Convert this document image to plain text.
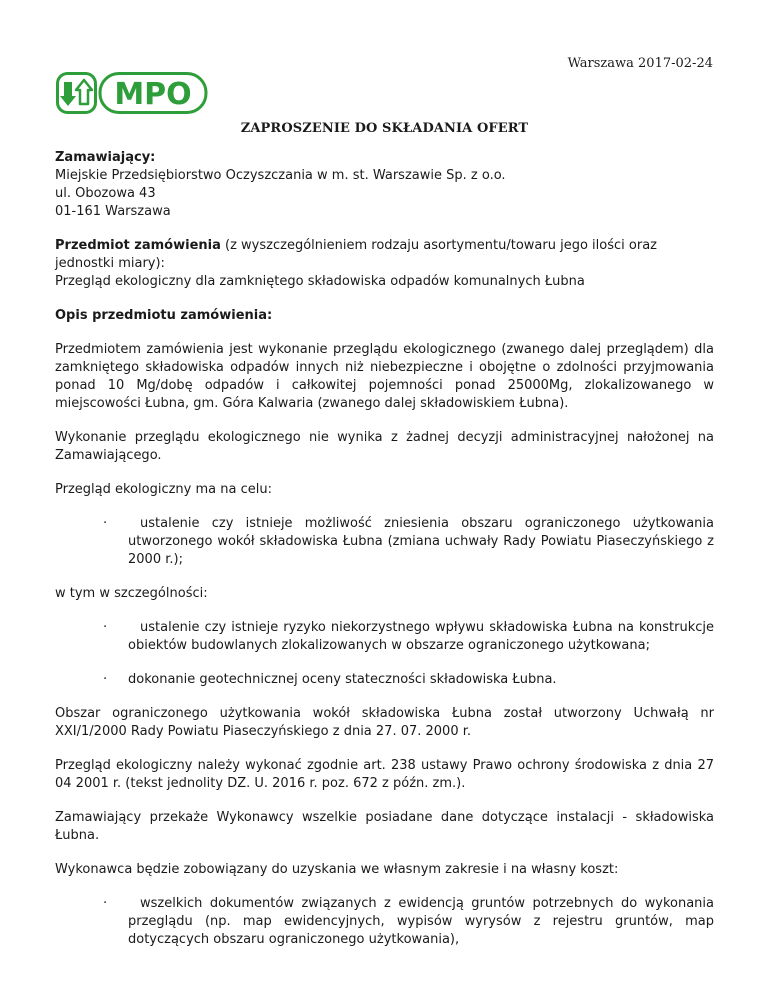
Warszawa 2017-02-24
MPO

ZAPROSZENIE DO SKŁADANIA OFERT

Zamawiający:

Miejskie Przedsiębiorstwo Oczyszczania w m. st. Warszawie Sp. z o.o.

ul. Obozowa 43

01-161 Warszawa

Przedmiot zamówienia (z wyszczególnieniem rodzaju asortymentu/towaru jego ilości oraz jednostki miary):

Przegląd ekologiczny dla zamkniętego składowiska odpadów komunalnych Łubna

Opis przedmiotu zamówienia:

Przedmiotem zamówienia jest wykonanie przeglądu ekologicznego (zwanego dalej przeglądem) dla zamkniętego składowiska odpadów innych niż niebezpieczne i obojętne o zdolności przyjmowania ponad 10 Mg/dobę odpadów i całkowitej pojemności ponad 25000Mg, zlokalizowanego w miejscowości Łubna, gm. Góra Kalwaria (zwanego dalej składowiskiem Łubna).

Wykonanie przeglądu ekologicznego nie wynika z żadnej decyzji administracyjnej nałożonej na Zamawiającego.

Przegląd ekologiczny ma na celu:

·	ustalenie czy istnieje możliwość zniesienia obszaru ograniczonego użytkowania utworzonego wokół składowiska Łubna (zmiana uchwały Rady Powiatu Piaseczyńskiego z 2000 r.);

w tym w szczególności:

·	ustalenie czy istnieje ryzyko niekorzystnego wpływu składowiska Łubna na konstrukcje obiektów budowlanych zlokalizowanych w obszarze ograniczonego użytkowana;

· dokonanie geotechnicznej oceny stateczności składowiska Łubna.

Obszar ograniczonego użytkowania wokół składowiska Łubna został utworzony Uchwałą nr XXI/1/2000 Rady Powiatu Piaseczyńskiego z dnia 27. 07. 2000 r.

Przegląd ekologiczny należy wykonać zgodnie art. 238 ustawy Prawo ochrony środowiska z dnia 27 04 2001 r. (tekst jednolity DZ. U. 2016 r. poz. 672 z późn. zm.).

Zamawiający przekaże Wykonawcy wszelkie posiadane dane dotyczące instalacji - składowiska Łubna.

Wykonawca będzie zobowiązany do uzyskania we własnym zakresie i na własny koszt:

·	wszelkich dokumentów związanych z ewidencją gruntów potrzebnych do wykonania przeglądu (np. map ewidencyjnych, wypisów wyrysów z rejestru gruntów, map dotyczących obszaru ograniczonego użytkowania),
